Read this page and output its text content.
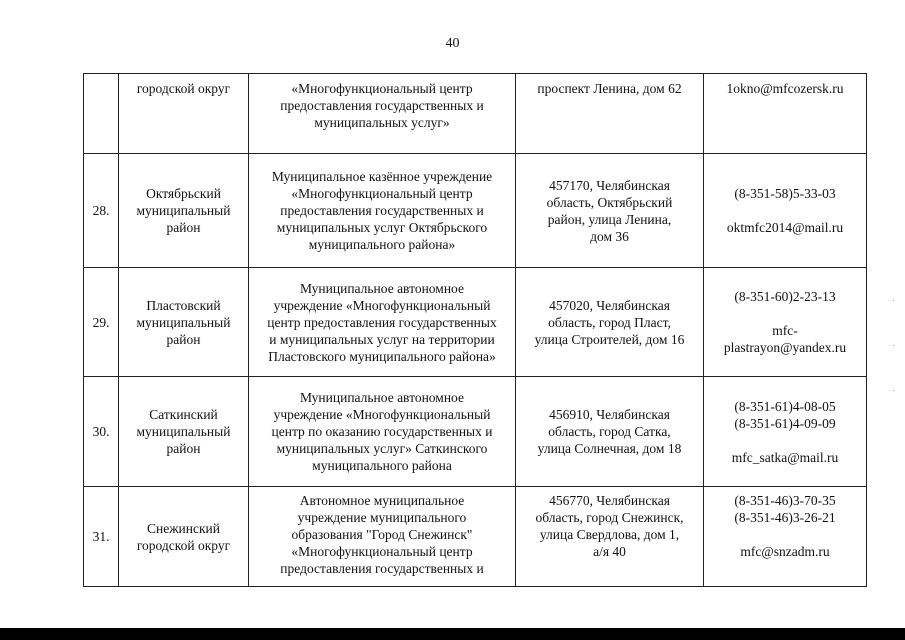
40

	городской округ	«Многофункциональный центр
предоставления государственных и
муниципальных услуг»	проспект Ленина, дом 62	1okno@mfcozersk.ru

28.	Октябрьский
муниципальный
район	Муниципальное казённое учреждение
«Многофункциональный центр
предоставления государственных и
муниципальных услуг Октябрьского
муниципального района»	457170, Челябинская
область, Октябрьский
район, улица Ленина,
дом 36	(8-351-58)5-33-03
oktmfc2014@mail.ru

29.	Пластовский
муниципальный
район	Муниципальное автономное
учреждение «Многофункциональный
центр предоставления государственных
и муниципальных услуг на территории
Пластовского муниципального района»	457020, Челябинская
область, город Пласт,
улица Строителей, дом 16	(8-351-60)2-23-13
mfc-
plastrayon@yandex.ru

30.	Саткинский
муниципальный
район	Муниципальное автономное
учреждение «Многофункциональный
центр по оказанию государственных и
муниципальных услуг» Саткинского
муниципального района	456910, Челябинская
область, город Сатка,
улица Солнечная, дом 18	(8-351-61)4-08-05
(8-351-61)4-09-09
mfc_satka@mail.ru

31.	Снежинский
городской округ	Автономное муниципальное
учреждение муниципального
образования "Город Снежинск"
«Многофункциональный центр
предоставления государственных и	456770, Челябинская
область, город Снежинск,
улица Свердлова, дом 1,
а/я 40	(8-351-46)3-70-35
(8-351-46)3-26-21
mfc@snzadm.ru
